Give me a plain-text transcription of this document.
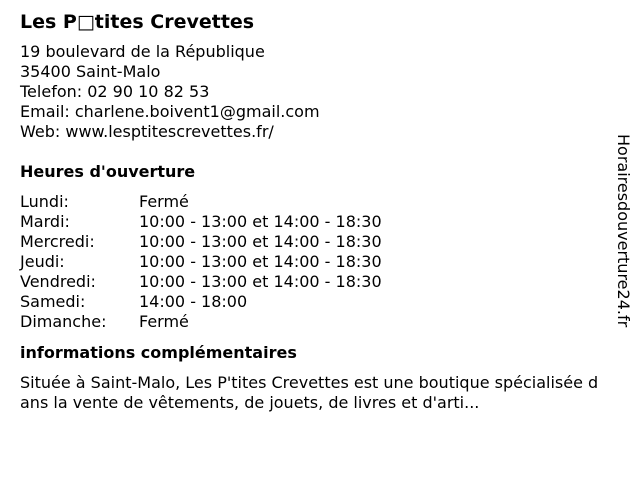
Les P□tites Crevettes
19 boulevard de la République
35400 Saint-Malo
Telefon: 02 90 10 82 53
Email: charlene.boivent1@gmail.com
Web: www.lesptitescrevettes.fr/
Heures d'ouverture
Lundi:	Fermé
Mardi:	10:00 - 13:00 et 14:00 - 18:30
Mercredi:	10:00 - 13:00 et 14:00 - 18:30
Jeudi:	10:00 - 13:00 et 14:00 - 18:30
Vendredi:	10:00 - 13:00 et 14:00 - 18:30
Samedi:	14:00 - 18:00
Dimanche:	Fermé
informations complémentaires
Située à Saint-Malo, Les P'tites Crevettes est une boutique spécialisée dans la vente de vêtements, de jouets, de livres et d'arti...
Horairesdouverture24.fr
